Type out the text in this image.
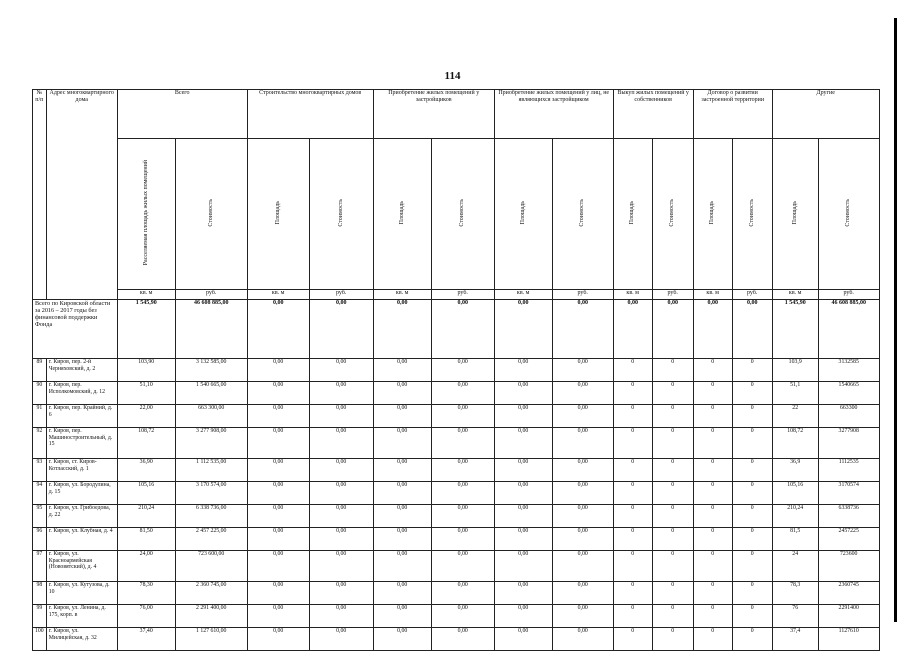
114
№ п/п	Адрес многоквартирного дома	Всего		Строительство многоквартирных домов		Приобретение жилых помещений у застройщиков		Приобретение жилых помещений у лиц, не являющихся застройщиком		Выкуп жилых помещений у собственников		Договор о развитии застроенной территории		Другие	
		Расселяемая площадь жилых помещений	Стоимость	Площадь	Стоимость	Площадь	Стоимость	Площадь	Стоимость	Площадь	Стоимость	Площадь	Стоимость	Площадь	Стоимость
		кв. м	руб.	кв. м	руб.	кв. м	руб.	кв. м	руб.	кв. м	руб.	кв. м	руб.	кв. м	руб.
Всего по Кировской области за 2016 – 2017 годы без финансовой поддержки Фонда		1 545,90	46 608 885,00	0,00	0,00	0,00	0,00	0,00	0,00	0,00	0,00	0,00	0,00	1 545,90	46 608 885,00
89	г. Киров, пер. 2-й Черняховский, д. 2	103,90	3 132 585,00	0,00	0,00	0,00	0,00	0,00	0,00	0	0	0	0	103,9	3132585
90	г. Киров, пер. Исполкомовский, д. 12	51,10	1 540 665,00	0,00	0,00	0,00	0,00	0,00	0,00	0	0	0	0	51,1	1540665
91	г. Киров, пер. Крайний, д. 6	22,00	663 300,00	0,00	0,00	0,00	0,00	0,00	0,00	0	0	0	0	22	663300
92	г. Киров, пер. Машиностроительный, д. 15	108,72	3 277 908,00	0,00	0,00	0,00	0,00	0,00	0,00	0	0	0	0	108,72	3277908
93	г. Киров, ст. Киров-Котласский, д. 1	36,90	1 112 535,00	0,00	0,00	0,00	0,00	0,00	0,00	0	0	0	0	36,9	1112535
94	г. Киров, ул. Бородулина, д. 15	105,16	3 170 574,00	0,00	0,00	0,00	0,00	0,00	0,00	0	0	0	0	105,16	3170574
95	г. Киров, ул. Грибоедова, д. 22	210,24	6 338 736,00	0,00	0,00	0,00	0,00	0,00	0,00	0	0	0	0	210,24	6338736
96	г. Киров, ул. Клубная, д. 4	81,50	2 457 225,00	0,00	0,00	0,00	0,00	0,00	0,00	0	0	0	0	81,5	2457225
97	г. Киров, ул. Красноармейская (Нововятский), д. 4	24,00	723 600,00	0,00	0,00	0,00	0,00	0,00	0,00	0	0	0	0	24	723600
98	г. Киров, ул. Кутузова, д. 10	78,30	2 360 745,00	0,00	0,00	0,00	0,00	0,00	0,00	0	0	0	0	78,3	2360745
99	г. Киров, ул. Ленина, д. 175, корп. в	76,00	2 291 400,00	0,00	0,00	0,00	0,00	0,00	0,00	0	0	0	0	76	2291400
100	г. Киров, ул. Милицейская, д. 32	37,40	1 127 610,00	0,00	0,00	0,00	0,00	0,00	0,00	0	0	0	0	37,4	1127610
